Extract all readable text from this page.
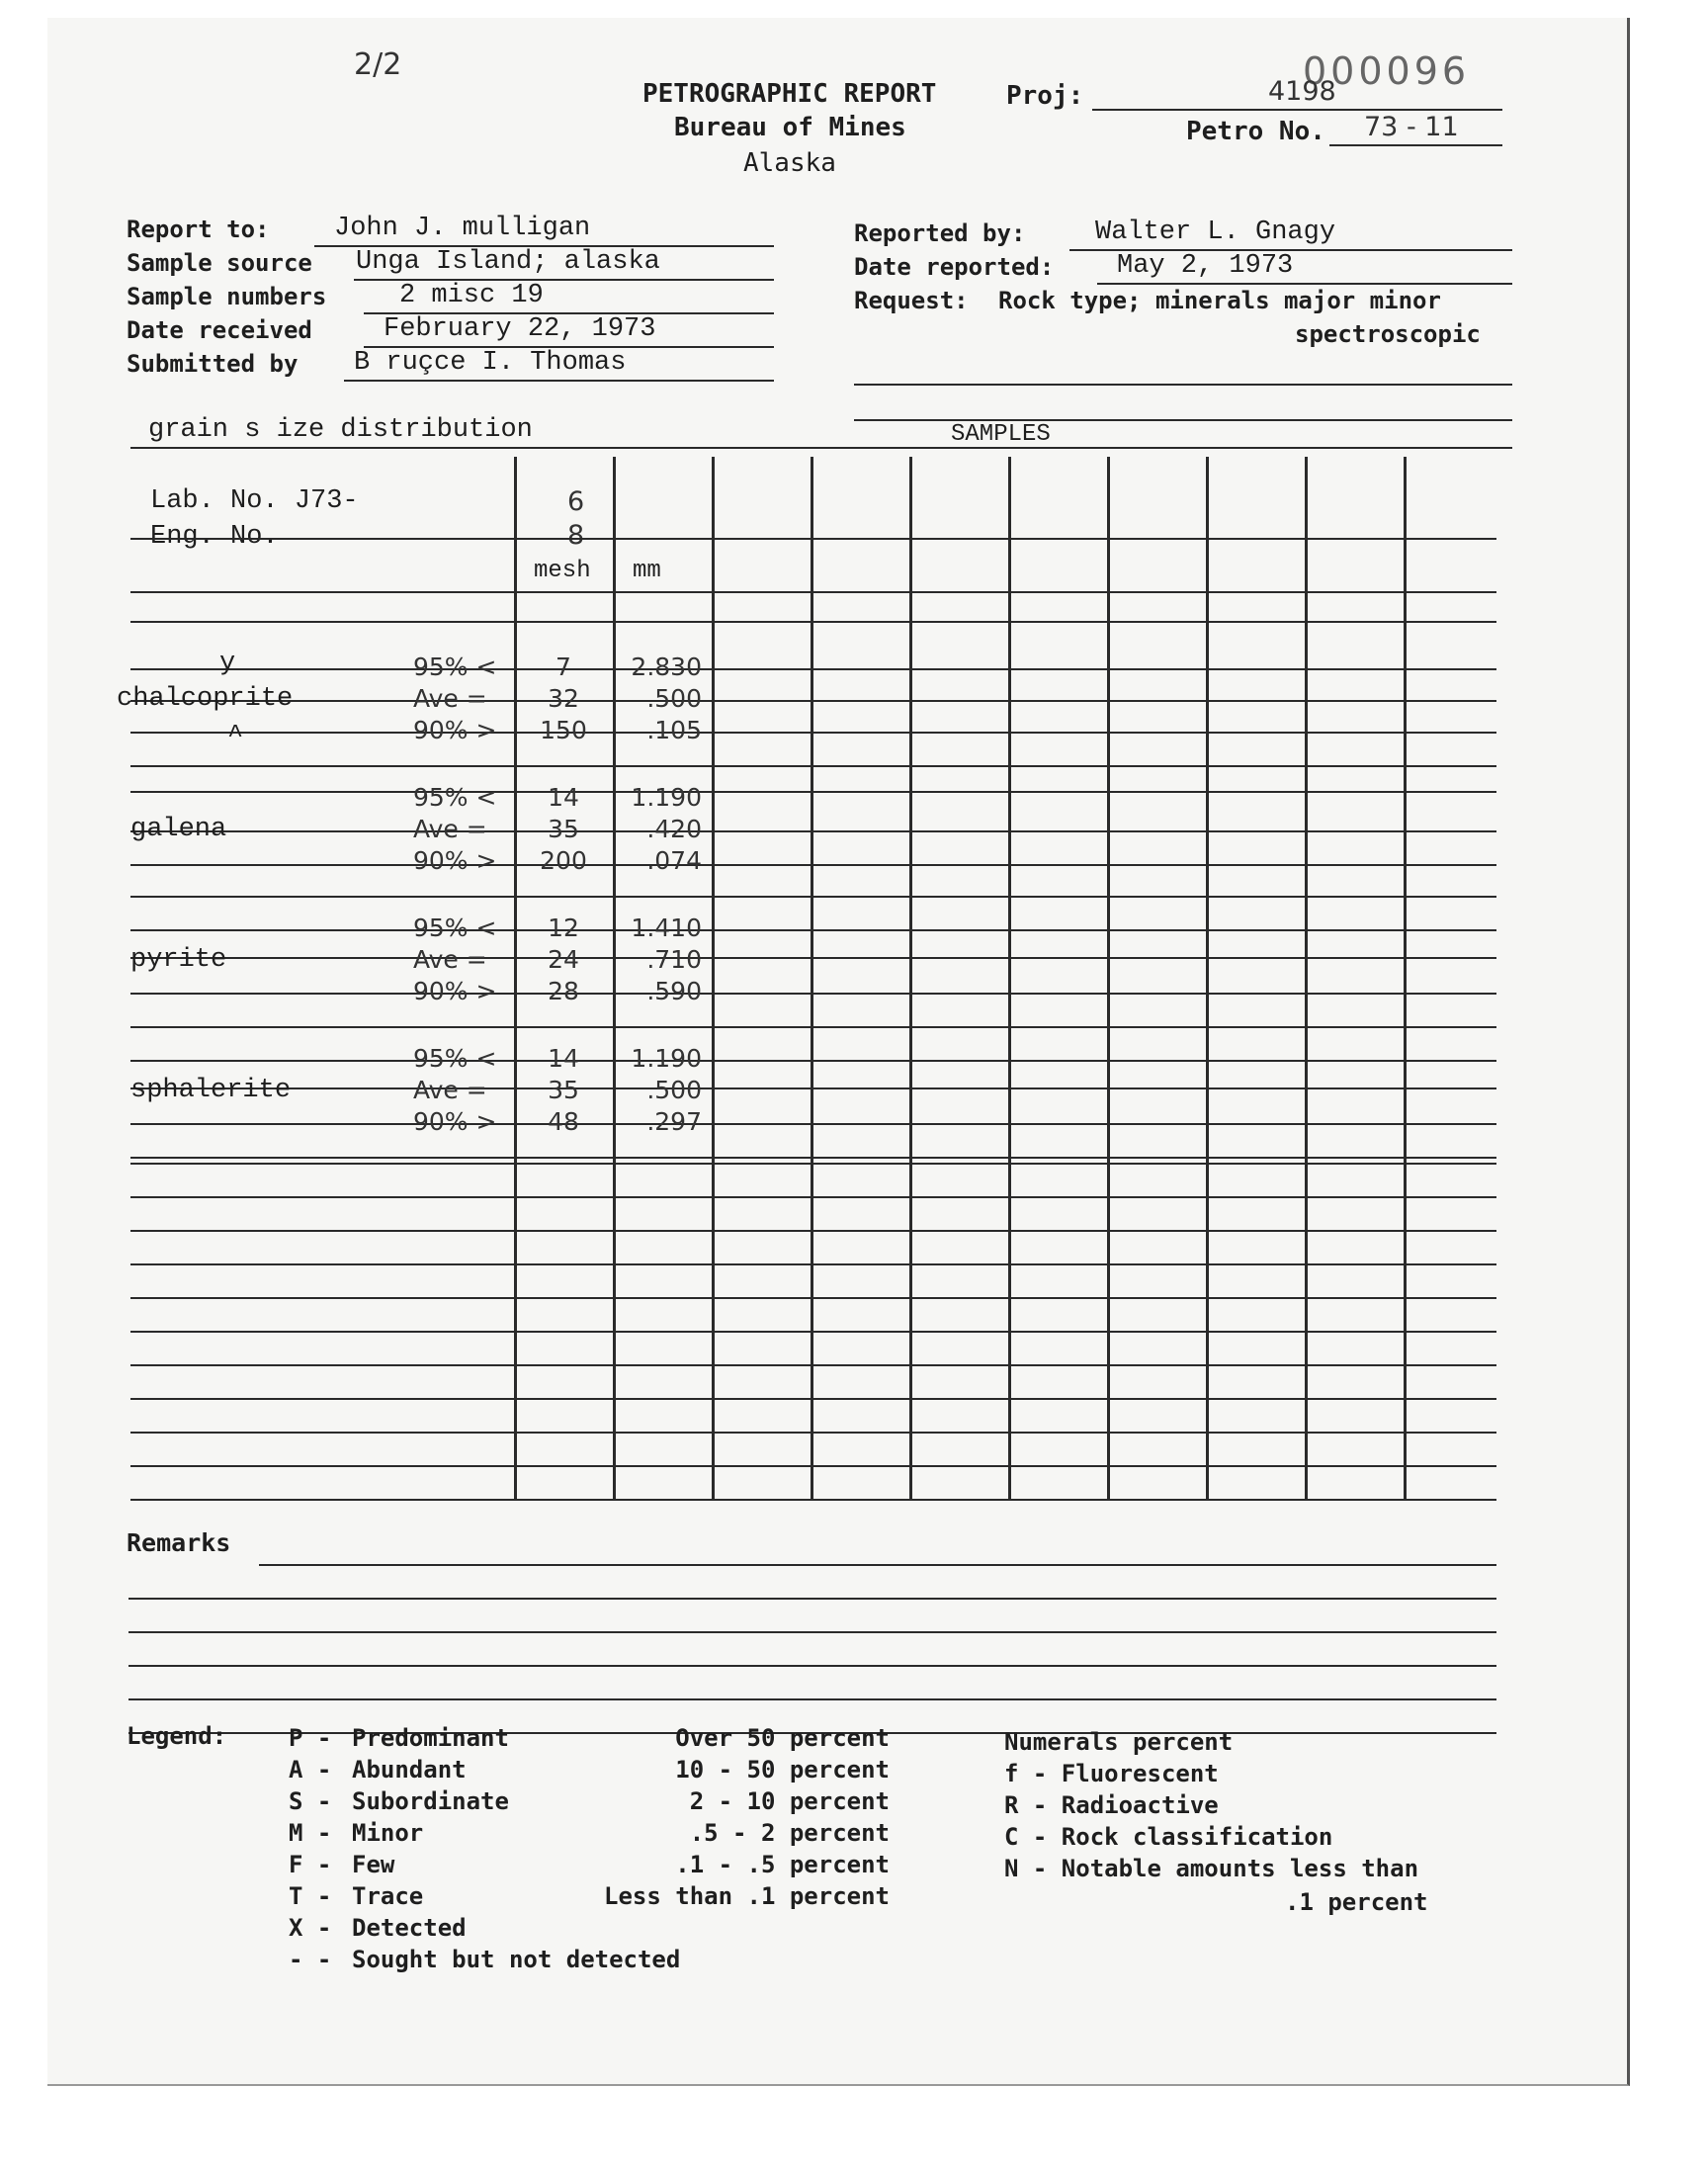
2/2	000096
PETROGRAPHIC REPORT
Bureau of Mines
Alaska
Proj:	4198
Petro No. 73 - 11
Report to: John J. mulligan
Sample source Unga Island; alaska
Sample numbers	2 misc 19
Date received	February 22, 1973
Submitted by B ruçce I. Thomas
Reported by:	Walter L. Gnagy
Date reported: May 2, 1973
Request: Rock type; minerals major minor
spectroscopic
grain s ize distribution	SAMPLES
Lab. No. J73-	6
Eng. No.	8
mesh mm
chalcoprite
y
^
95% <	7	2.830
Ave =	32	.500
90% >	150	.105
galena
95% <	14	1.190
Ave =	35	.420
90% >	200	.074
pyrite
95% <	12	1.410
Ave =	24	.710
90% >	28	.590
sphalerite
95% <	14	1.190
Ave =	35	.500
90% >	48	.297
Remarks
Legend:	P - Predominant	Over 50 percent
A - Abundant	10 - 50 percent
S - Subordinate	2 - 10 percent
M - Minor	.5 - 2 percent
F - Few	.1 - .5 percent
T - Trace	Less than .1 percent
X - Detected
- - Sought but not detected
Numerals percent
f - Fluorescent
R - Radioactive
C - Rock classification
N - Notable amounts less than
.1 percent
